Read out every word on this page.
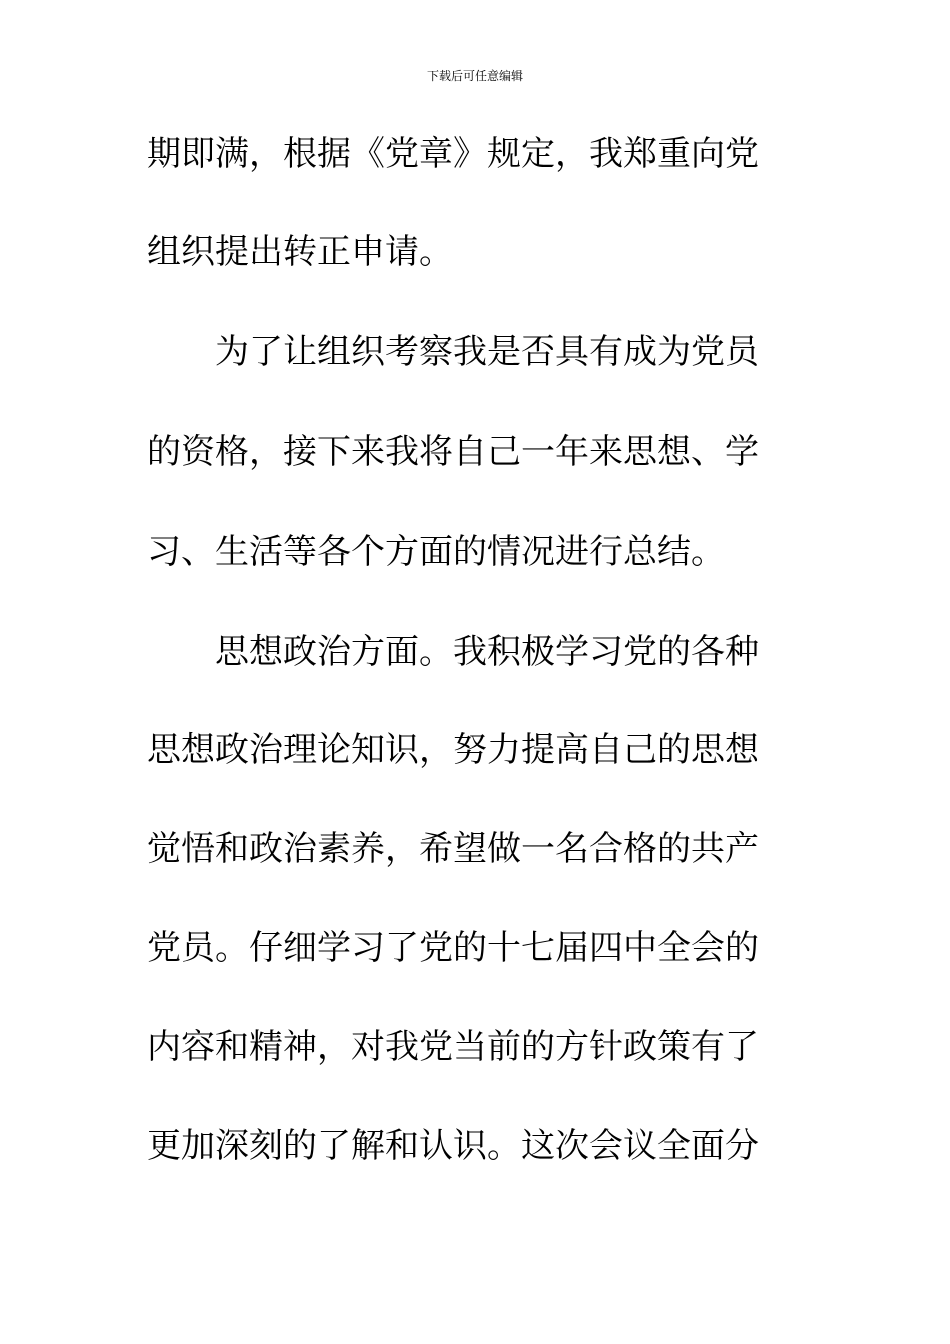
下载后可任意编辑
期即满，根据《党章》规定，我郑重向党
组织提出转正申请。
为了让组织考察我是否具有成为党员
的资格，接下来我将自己一年来思想、学
习、生活等各个方面的情况进行总结。
思想政治方面。我积极学习党的各种
思想政治理论知识，努力提高自己的思想
觉悟和政治素养，希望做一名合格的共产
党员。仔细学习了党的十七届四中全会的
内容和精神，对我党当前的方针政策有了
更加深刻的了解和认识。这次会议全面分
